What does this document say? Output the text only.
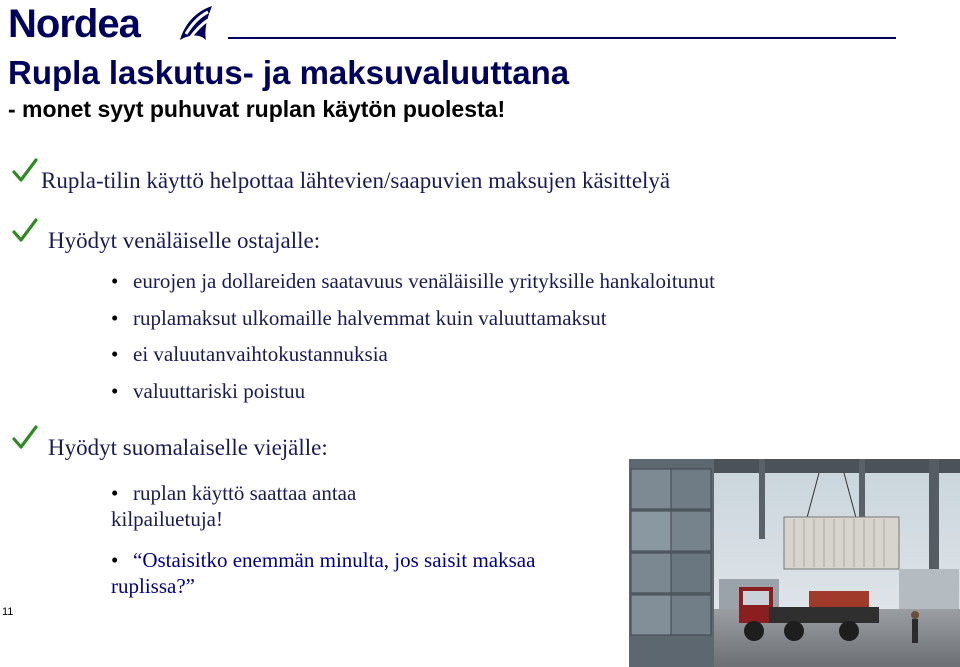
Nordea
Rupla laskutus- ja maksuvaluuttana
- monet syyt puhuvat ruplan käytön puolesta!
Rupla-tilin käyttö helpottaa lähtevien/saapuvien maksujen käsittelyä
Hyödyt venäläiselle ostajalle:
• eurojen ja dollareiden saatavuus venäläisille yrityksille hankaloitunut
• ruplamaksut ulkomaille halvemmat kuin valuuttamaksut
• ei valuutanvaihtokustannuksia
• valuuttariski poistuu
Hyödyt suomalaiselle viejälle:
• ruplan käyttö saattaa antaa kilpailuetuja!
• “Ostaisitko enemmän minulta, jos saisit maksaa ruplissa?”
11
